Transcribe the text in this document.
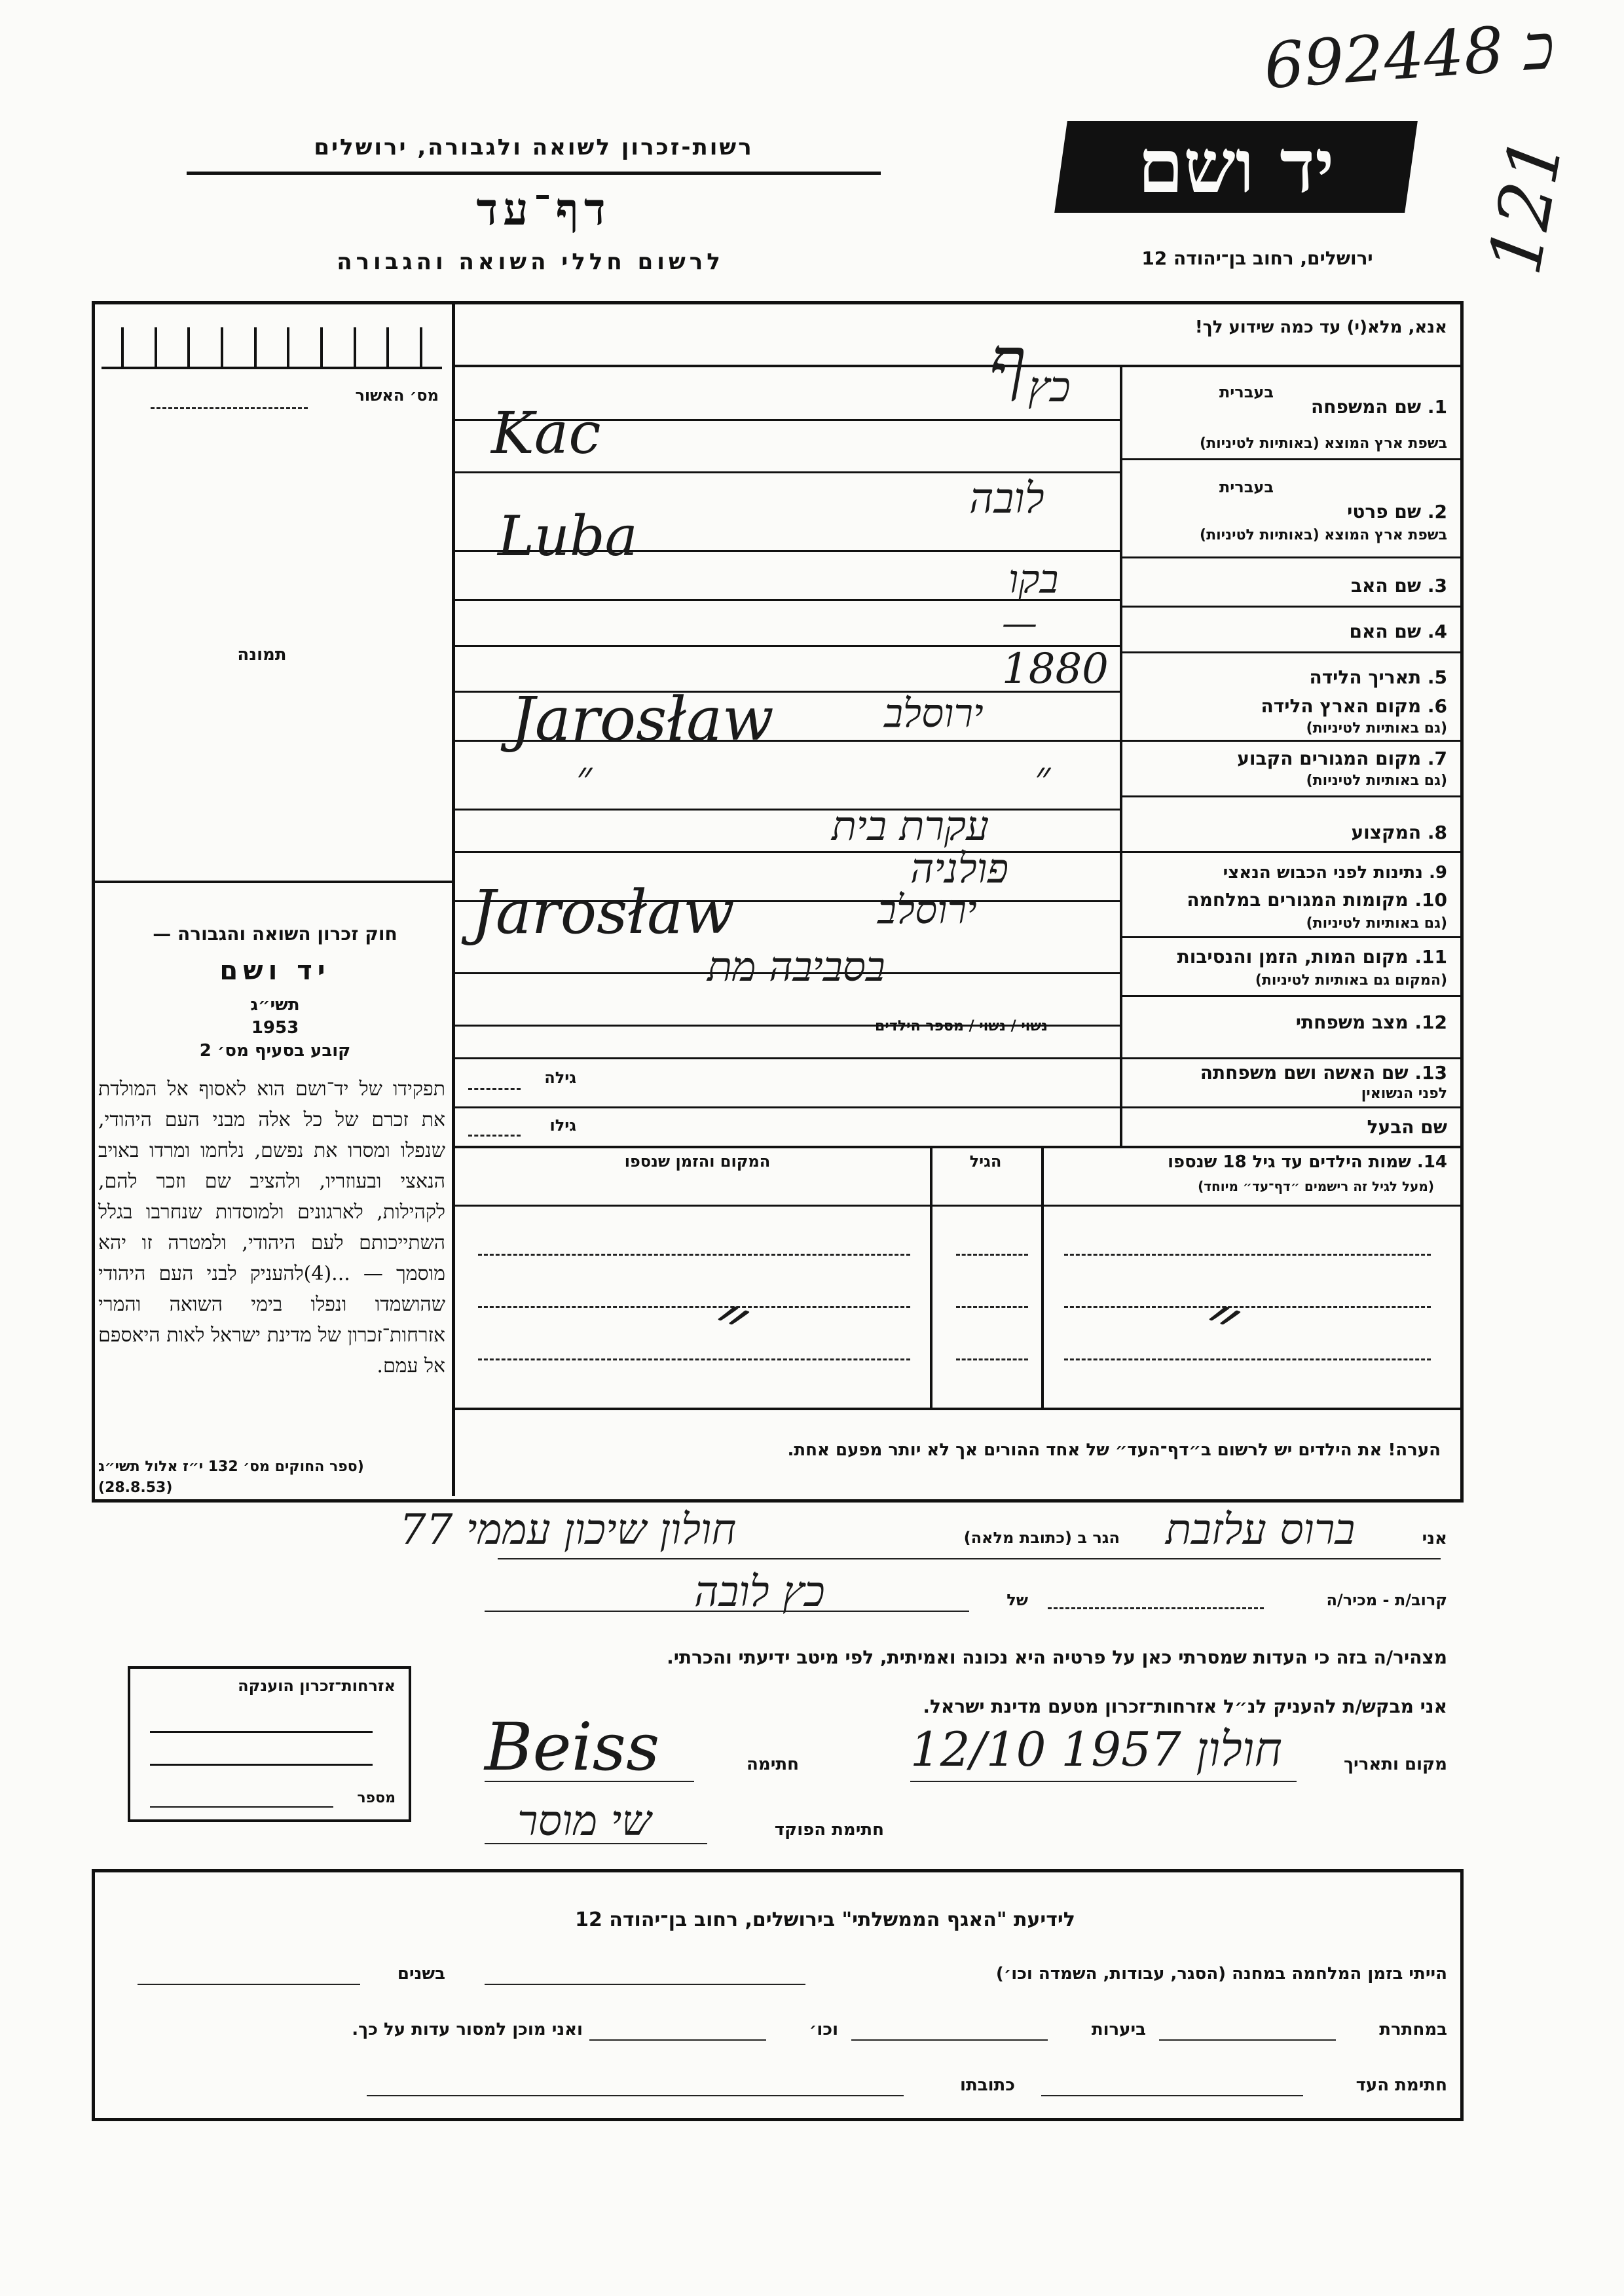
692448 כ
121
יד ושם
רשות-זכרון לשואה ולגבורה, ירושלים
דף־עד
לרשום חללי השואה והגבורה	ירושלים, רחוב בן־יהודה 12
אנא, מלא(י) עד כמה שידוע לך!
מס׳ האשור
תמונה
חוק זכרון השואה והגבורה —
יד ושם
תשי״ג
1953
קובע בסעיף מס׳ 2
תפקידו של יד־ושם הוא לאסוף אל המולדת את זכרם של כל אלה מבני העם היהודי, שנפלו ומסרו את נפשם, נלחמו ומרדו באויב הנאצי ובעוזריו, ולהציב שם וזכר להם, לקהילות, לארגונים ולמוסדות שנחרבו בגלל השתייכותם לעם היהודי, ולמטרה זו יהא מוסמך — ...(4)להעניק לבני העם היהודי שהושמדו ונפלו בימי השואה והמרי אזרחות־זכרון של מדינת ישראל לאות היאספם אל עמם.
(ספר החוקים מס׳ 132 י״ז אלול תשי״ג (28.8.53)
בעברית
1. שם המשפחה
בשפת ארץ המוצא (באותיות לטיניות)
בעברית
2. שם פרטי
בשפת ארץ המוצא (באותיות לטיניות)
3. שם האב
4. שם האם
5. תאריך הלידה
6. מקום הארץ הלידה
(גם באותיות לטיניות)
7. מקום המגורים הקבוע
(גם באותיות לטיניות)
8. המקצוע
9. נתינות לפני הכבוש הנאצי
10. מקומות המגורים במלחמה
(גם באותיות לטיניות)
11. מקום המות, הזמן והנסיבות
(המקום גם באותיות לטיניות)
12. מצב משפחתי
13. שם האשה ושם משפחתה
לפני הנשואין
שם הבעל
ף כץ
Kac
לובה
Luba
בקו
—
1880
ירוסלב
Jarosław
״
״
עקרת בית
פולניה
ירוסלב
Jarosław
בסביבה מת
נשוי / נשוי / מספר הילדים
גילה
גילו
14. שמות הילדים עד גיל 18 שנספו
(מעל לגיל זה רישמים ״דף־עד״ מיוחד)
הגיל
המקום והזמן שנספו
״
״
הערה! את הילדים יש לרשום ב״דף־העד״ של אחד ההורים אך לא יותר מפעם אחת.
אני
ברוס עלזבת
הגר ב (כתובת מלאה)
חולון שיכון עממי 77
קרוב/ת - מכיר/ה
של
כץ לובה
מצהיר/ה בזה כי העדות שמסרתי כאן על פרטיה היא נכונה ואמיתית, לפי מיטב ידיעתי והכרתי.
אזרחות־זכרון הוענקה
מספר
אני מבקש/ת להעניק לנ״ל אזרחות־זכרון מטעם מדינת ישראל.
מקום ותאריך
חולון 1957 12/10
חתימה
Beiss
חתימת הפוקד
שי מוסר
לידיעת "האגף הממשלתי" בירושלים, רחוב בן־יהודה 12
הייתי בזמן המלחמה במחנה (הסגר, עבודות, השמדה וכו׳)
בשנים
במחתרת
ביערות
וכו׳
ואני מוכן למסור עדות על כך.
חתימת העד
כתובתו
